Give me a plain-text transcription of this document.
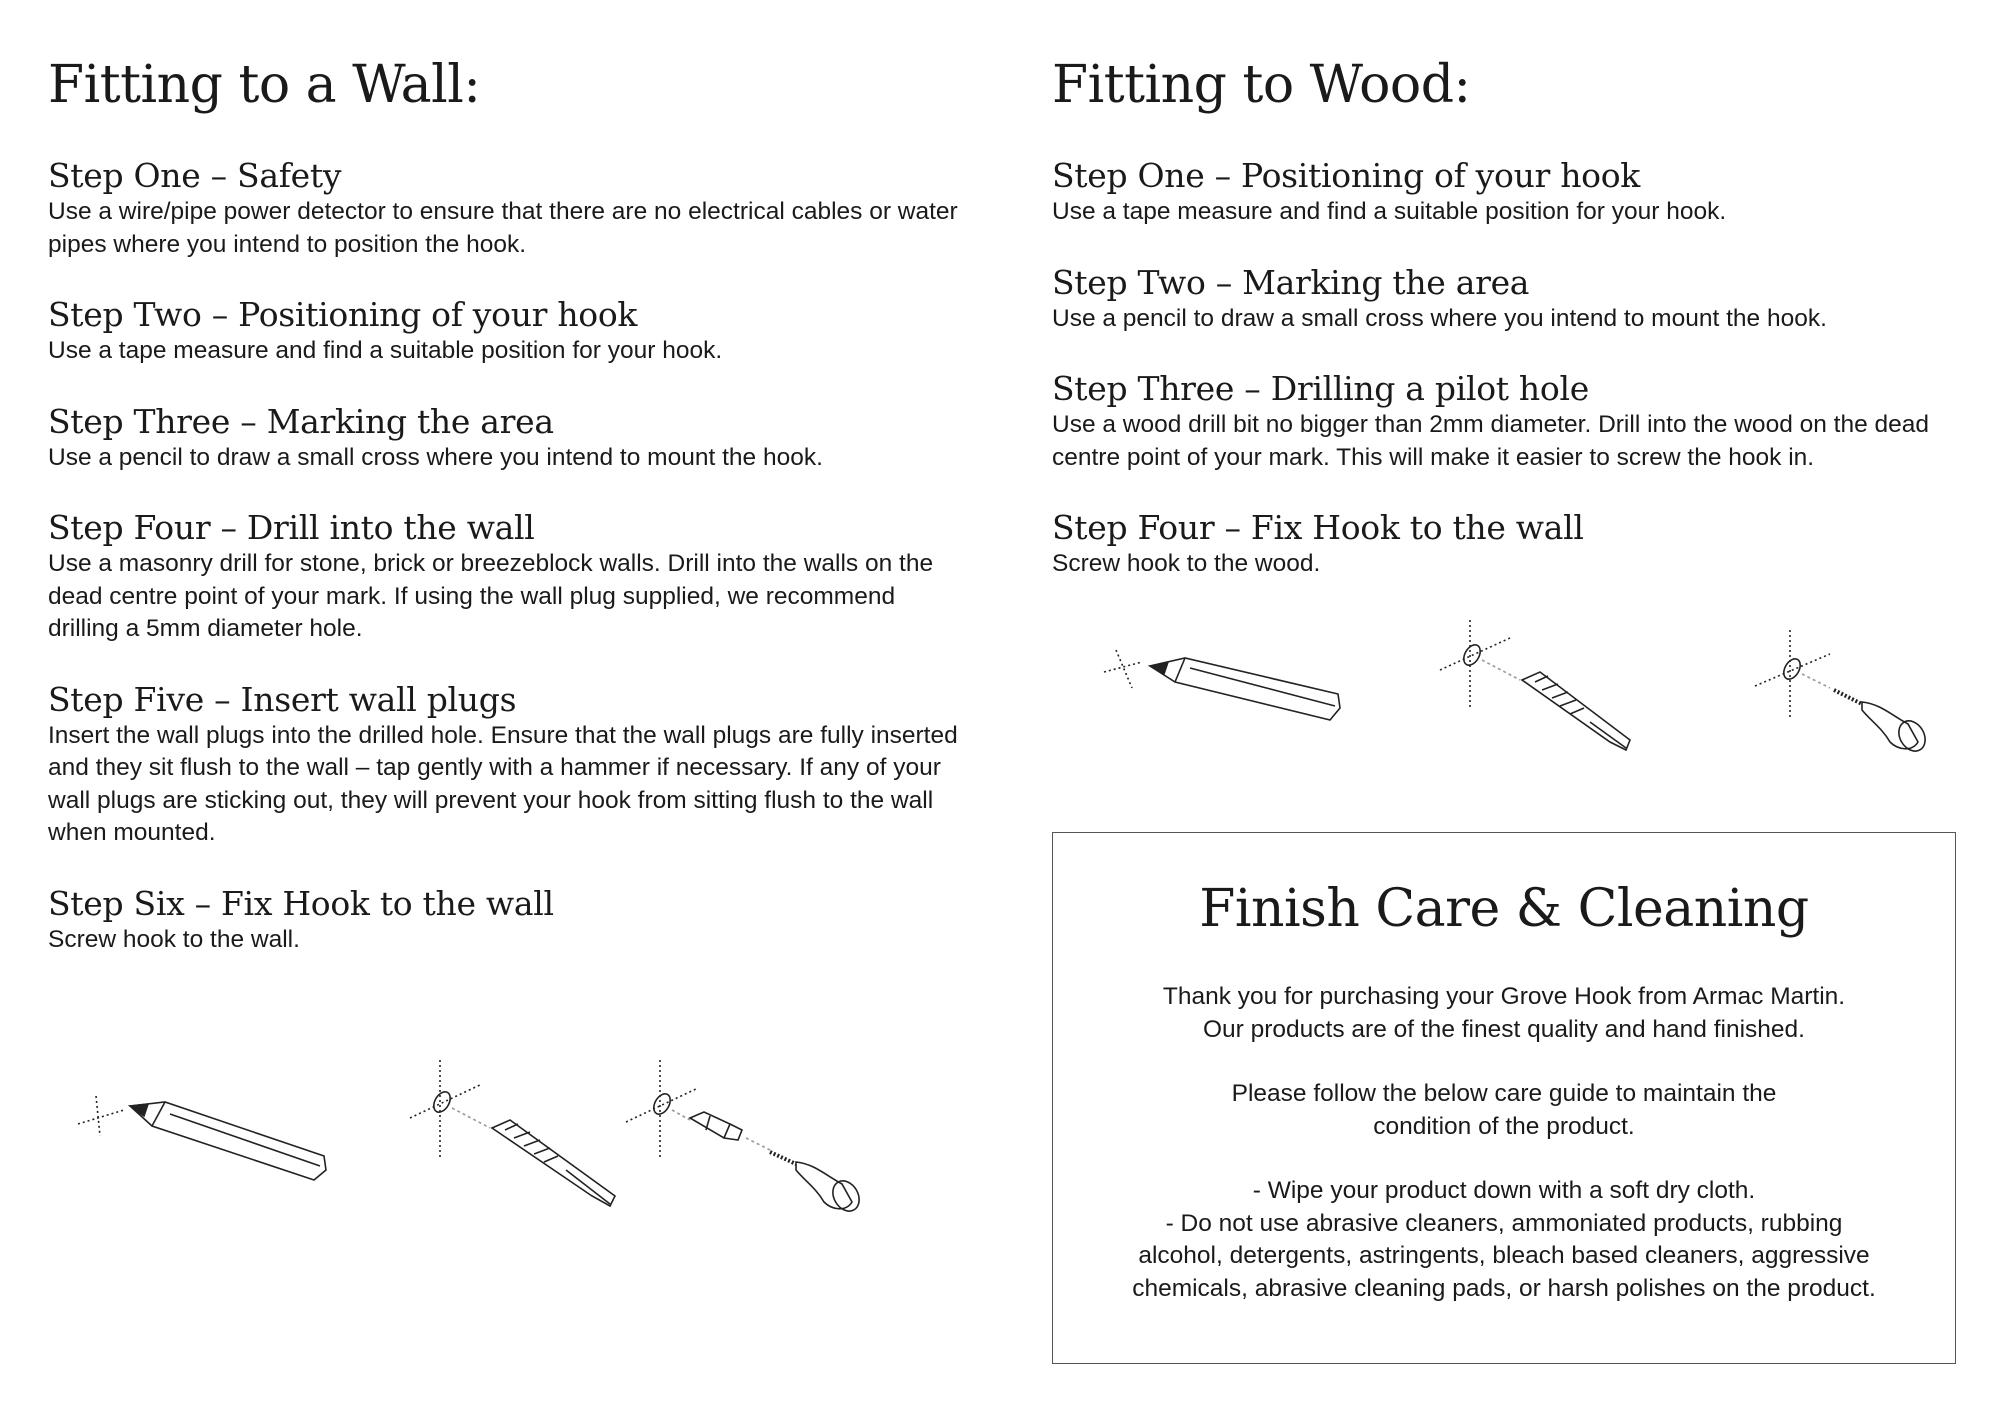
Fitting to a Wall:
Step One – Safety

Use a wire/pipe power detector to ensure that there are no electrical cables or water pipes where you intend to position the hook.

Step Two – Positioning of your hook

Use a tape measure and find a suitable position for your hook.

Step Three – Marking the area

Use a pencil to draw a small cross where you intend to mount the hook.

Step Four – Drill into the wall

Use a masonry drill for stone, brick or breezeblock walls. Drill into the walls on the dead centre point of your mark. If using the wall plug supplied, we recommend drilling a 5mm diameter hole.

Step Five – Insert wall plugs

Insert the wall plugs into the drilled hole. Ensure that the wall plugs are fully inserted and they sit flush to the wall – tap gently with a hammer if necessary. If any of your wall plugs are sticking out, they will prevent your hook from sitting flush to the wall when mounted.

Step Six – Fix Hook to the wall

Screw hook to the wall.

Fitting to Wood:
Step One – Positioning of your hook

Use a tape measure and find a suitable position for your hook.

Step Two – Marking the area

Use a pencil to draw a small cross where you intend to mount the hook.

Step Three – Drilling a pilot hole

Use a wood drill bit no bigger than 2mm diameter. Drill into the wood on the dead centre point of your mark. This will make it easier to screw the hook in.

Step Four – Fix Hook to the wall

Screw hook to the wood.

Finish Care & Cleaning

Thank you for purchasing your Grove Hook from Armac Martin.
Our products are of the finest quality and hand finished.

Please follow the below care guide to maintain the
condition of the product.

- Wipe your product down with a soft dry cloth.
- Do not use abrasive cleaners, ammoniated products, rubbing
alcohol, detergents, astringents, bleach based cleaners, aggressive
chemicals, abrasive cleaning pads, or harsh polishes on the product.
